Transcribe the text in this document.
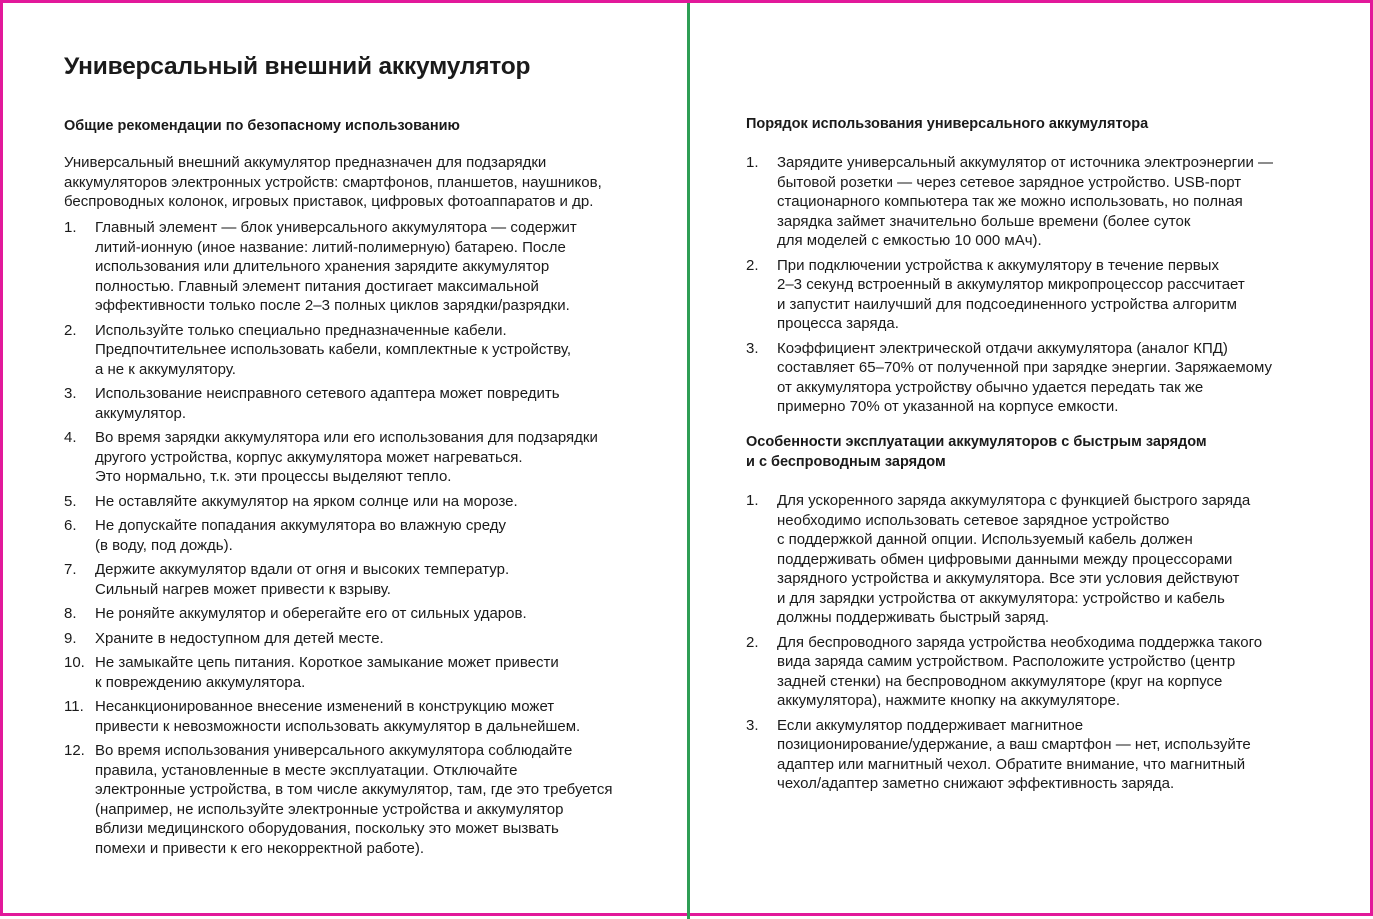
Универсальный внешний аккумулятор
Общие рекомендации по безопасному использованию
Универсальный внешний аккумулятор предназначен для подзарядки
аккумуляторов электронных устройств: смартфонов, планшетов, наушников,
беспроводных колонок, игровых приставок, цифровых фотоаппаратов и др.
1. Главный элемент — блок универсального аккумулятора — содержит
литий-ионную (иное название: литий-полимерную) батарею. После
использования или длительного хранения зарядите аккумулятор
полностью. Главный элемент питания достигает максимальной
эффективности только после 2–3 полных циклов зарядки/разрядки.
2. Используйте только специально предназначенные кабели.
Предпочтительнее использовать кабели, комплектные к устройству,
а не к аккумулятору.
3. Использование неисправного сетевого адаптера может повредить
аккумулятор.
4. Во время зарядки аккумулятора или его использования для подзарядки
другого устройства, корпус аккумулятора может нагреваться.
Это нормально, т.к. эти процессы выделяют тепло.
5. Не оставляйте аккумулятор на ярком солнце или на морозе.
6. Не допускайте попадания аккумулятора во влажную среду
(в воду, под дождь).
7. Держите аккумулятор вдали от огня и высоких температур.
Сильный нагрев может привести к взрыву.
8. Не роняйте аккумулятор и оберегайте его от сильных ударов.
9. Храните в недоступном для детей месте.
10. Не замыкайте цепь питания. Короткое замыкание может привести
к повреждению аккумулятора.
11. Несанкционированное внесение изменений в конструкцию может
привести к невозможности использовать аккумулятор в дальнейшем.
12. Во время использования универсального аккумулятора соблюдайте
правила, установленные в месте эксплуатации. Отключайте
электронные устройства, в том числе аккумулятор, там, где это требуется
(например, не используйте электронные устройства и аккумулятор
вблизи медицинского оборудования, поскольку это может вызвать
помехи и привести к его некорректной работе).
Порядок использования универсального аккумулятора
1. Зарядите универсальный аккумулятор от источника электроэнергии —
бытовой розетки — через сетевое зарядное устройство. USB-порт
стационарного компьютера так же можно использовать, но полная
зарядка займет значительно больше времени (более суток
для моделей с емкостью 10 000 мАч).
2. При подключении устройства к аккумулятору в течение первых
2–3 секунд встроенный в аккумулятор микропроцессор рассчитает
и запустит наилучший для подсоединенного устройства алгоритм
процесса заряда.
3. Коэффициент электрической отдачи аккумулятора (аналог КПД)
составляет 65–70% от полученной при зарядке энергии. Заряжаемому
от аккумулятора устройству обычно удается передать так же
примерно 70% от указанной на корпусе емкости.
Особенности эксплуатации аккумуляторов с быстрым зарядом
и с беспроводным зарядом
1. Для ускоренного заряда аккумулятора с функцией быстрого заряда
необходимо использовать сетевое зарядное устройство
с поддержкой данной опции. Используемый кабель должен
поддерживать обмен цифровыми данными между процессорами
зарядного устройства и аккумулятора. Все эти условия действуют
и для зарядки устройства от аккумулятора: устройство и кабель
должны поддерживать быстрый заряд.
2. Для беспроводного заряда устройства необходима поддержка такого
вида заряда самим устройством. Расположите устройство (центр
задней стенки) на беспроводном аккумуляторе (круг на корпусе
аккумулятора), нажмите кнопку на аккумуляторе.
3. Если аккумулятор поддерживает магнитное
позиционирование/удержание, а ваш смартфон — нет, используйте
адаптер или магнитный чехол. Обратите внимание, что магнитный
чехол/адаптер заметно снижают эффективность заряда.
